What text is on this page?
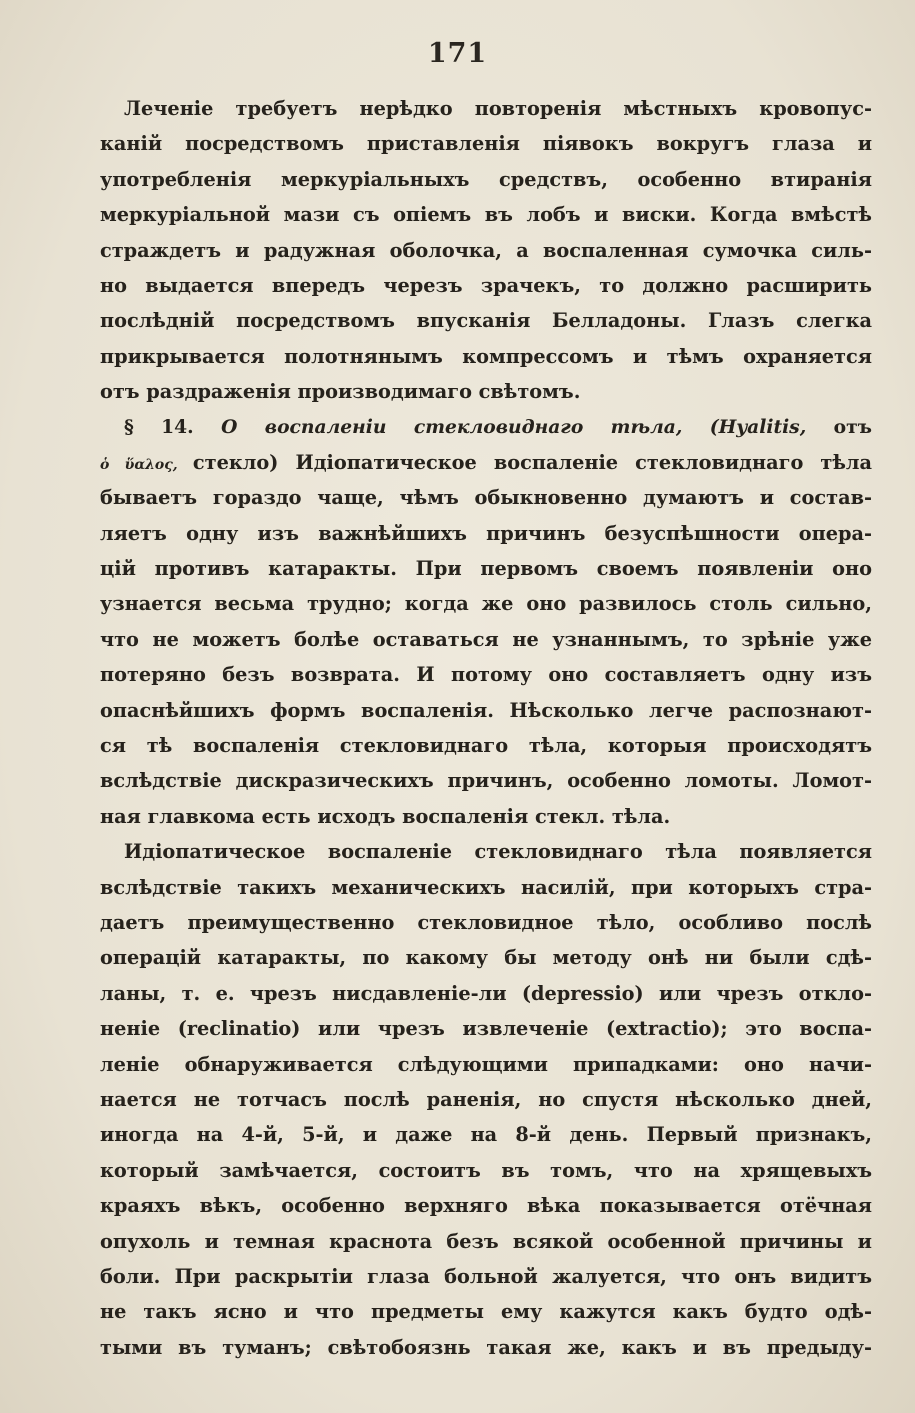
171
Леченіе требуетъ нерѣдко повторенія мѣстныхъ кровопус-
каній посредствомъ приставленія піявокъ вокругъ глаза и
употребленія меркуріальныхъ средствъ, особенно втиранія
меркуріальной мази съ опіемъ въ лобъ и виски. Когда вмѣстѣ
страждетъ и радужная оболочка, а воспаленная сумочка силь-
но выдается впередъ черезъ зрачекъ, то должно расширить
послѣдній посредствомъ впусканія Белладоны. Глазъ слегка
прикрывается полотнянымъ компрессомъ и тѣмъ охраняется
отъ раздраженія производимаго свѣтомъ.
§ 14. О воспаленіи стекловиднаго тѣла, (Hyalitis, отъ
ὁ ὕαλος, стекло) Идіопатическое воспаленіе стекловиднаго тѣла
бываетъ гораздо чаще, чѣмъ обыкновенно думаютъ и состав-
ляетъ одну изъ важнѣйшихъ причинъ безуспѣшности опера-
цій противъ катаракты. При первомъ своемъ появленіи оно
узнается весьма трудно; когда же оно развилось столь сильно,
что не можетъ болѣе оставаться не узнаннымъ, то зрѣніе уже
потеряно безъ возврата. И потому оно составляетъ одну изъ
опаснѣйшихъ формъ воспаленія. Нѣсколько легче распознают-
ся тѣ воспаленія стекловиднаго тѣла, которыя происходятъ
вслѣдствіе дискразическихъ причинъ, особенно ломоты. Ломот-
ная главкома есть исходъ воспаленія стекл. тѣла.
Идіопатическое воспаленіе стекловиднаго тѣла появляется
вслѣдствіе такихъ механическихъ насилій, при которыхъ стра-
даетъ преимущественно стекловидное тѣло, особливо послѣ
операцій катаракты, по какому бы методу онѣ ни были сдѣ-
ланы, т. е. чрезъ нисдавленіе-ли (depressio) или чрезъ откло-
неніе (reclinatio) или чрезъ извлеченіе (extractio); это воспа-
леніе обнаруживается слѣдующими припадками: оно начи-
нается не тотчасъ послѣ раненія, но спустя нѣсколько дней,
иногда на 4-й, 5-й, и даже на 8-й день. Первый признакъ,
который замѣчается, состоитъ въ томъ, что на хрящевыхъ
краяхъ вѣкъ, особенно верхняго вѣка показывается отёчная
опухоль и темная краснота безъ всякой особенной причины и
боли. При раскрытіи глаза больной жалуется, что онъ видитъ
не такъ ясно и что предметы ему кажутся какъ будто одѣ-
тыми въ туманъ; свѣтобоязнь такая же, какъ и въ предыду-
